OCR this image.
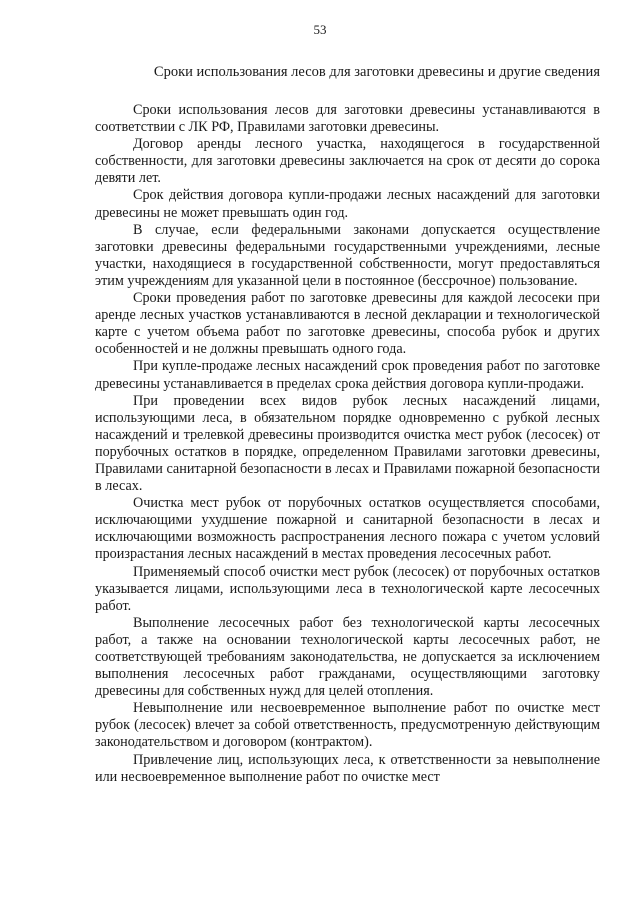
53
Сроки использования лесов для заготовки древесины и другие сведения

Сроки использования лесов для заготовки древесины устанавливаются в соответствии с ЛК РФ, Правилами заготовки древесины.

Договор аренды лесного участка, находящегося в государственной собственности, для заготовки древесины заключается на срок от десяти до сорока девяти лет.

Срок действия договора купли-продажи лесных насаждений для заготовки древесины не может превышать один год.

В случае, если федеральными законами допускается осуществление заготовки древесины федеральными государственными учреждениями, лесные участки, находящиеся в государственной собственности, могут предоставляться этим учреждениям для указанной цели в постоянное (бессрочное) пользование.

Сроки проведения работ по заготовке древесины для каждой лесосеки при аренде лесных участков устанавливаются в лесной декларации и технологической карте с учетом объема работ по заготовке древесины, способа рубок и других особенностей и не должны превышать одного года.

При купле-продаже лесных насаждений срок проведения работ по заготовке древесины устанавливается в пределах срока действия договора купли-продажи.

При проведении всех видов рубок лесных насаждений лицами, использующими леса, в обязательном порядке одновременно с рубкой лесных насаждений и трелевкой древесины производится очистка мест рубок (лесосек) от порубочных остатков в порядке, определенном Правилами заготовки древесины, Правилами санитарной безопасности в лесах и Правилами пожарной безопасности в лесах.

Очистка мест рубок от порубочных остатков осуществляется способами, исключающими ухудшение пожарной и санитарной безопасности в лесах и исключающими возможность распространения лесного пожара с учетом условий произрастания лесных насаждений в местах проведения лесосечных работ.

Применяемый способ очистки мест рубок (лесосек) от порубочных остатков указывается лицами, использующими леса в технологической карте лесосечных работ.

Выполнение лесосечных работ без технологической карты лесосечных работ, а также на основании технологической карты лесосечных работ, не соответствующей требованиям законодательства, не допускается за исключением выполнения лесосечных работ гражданами, осуществляющими заготовку древесины для собственных нужд для целей отопления.

Невыполнение или несвоевременное выполнение работ по очистке мест рубок (лесосек) влечет за собой ответственность, предусмотренную действующим законодательством и договором (контрактом).

Привлечение лиц, использующих леса, к ответственности за невыполнение или несвоевременное выполнение работ по очистке мест
